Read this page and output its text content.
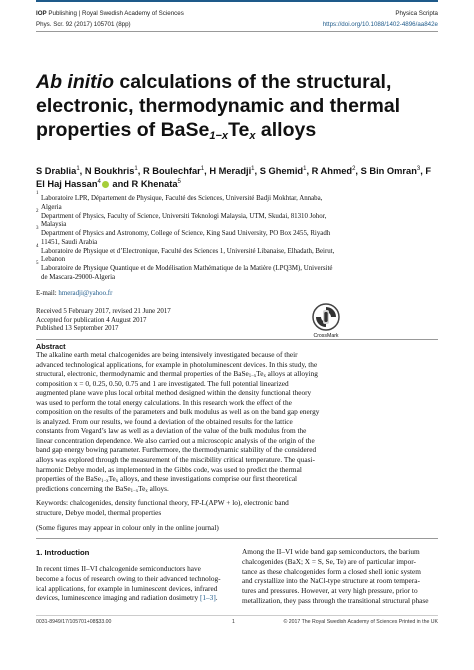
IOP Publishing | Royal Swedish Academy of Sciences	Physica Scripta
Phys. Scr. 92 (2017) 105701 (8pp)	https://doi.org/10.1088/1402-4896/aa842e
Ab initio calculations of the structural,
electronic, thermodynamic and thermal
properties of $BaSe_{1-x}Te_x$ alloys
S Drablia$^1$, N Boukhris$^1$, R Boulechfar$^1$, H Meradji$^1$, S Ghemid$^1$, R Ahmed$^2$, S Bin Omran$^3$, F El Haj Hassan$^4$ and R Khenata$^5$
1
Laboratoire LPR, Département de Physique, Faculté des Sciences, Université Badji Mokhtar, Annaba,
Algeria
2
Department of Physics, Faculty of Science, Universiti Teknologi Malaysia, UTM, Skudai, 81310 Johor,
Malaysia
3
Department of Physics and Astronomy, College of Science, King Saud University, PO Box 2455, Riyadh
11451, Saudi Arabia
4
Laboratoire de Physique et d’Electronique, Faculté des Sciences 1, Université Libanaise, Elhadath, Beirut,
Lebanon
5
Laboratoire de Physique Quantique et de Modélisation Mathématique de la Matière (LPQ3M), Université
de Mascara-29000-Algeria
E-mail: hmeradji@yahoo.fr
Received 5 February 2017, revised 21 June 2017
Accepted for publication 4 August 2017
Published 13 September 2017
CrossMark
Abstract
The alkaline earth metal chalcogenides are being intensively investigated because of their
advanced technological applications, for example in photoluminescent devices. In this study, the
structural, electronic, thermodynamic and thermal properties of the $BaSe_{1-x}Te_x$ alloys at alloying
composition x = 0, 0.25, 0.50, 0.75 and 1 are investigated. The full potential linearized
augmented plane wave plus local orbital method designed within the density functional theory
was used to perform the total energy calculations. In this research work the effect of the
composition on the results of the parameters and bulk modulus as well as on the band gap energy
is analyzed. From our results, we found a deviation of the obtained results for the lattice
constants from Vegard’s law as well as a deviation of the value of the bulk modulus from the
linear concentration dependence. We also carried out a microscopic analysis of the origin of the
band gap energy bowing parameter. Furthermore, the thermodynamic stability of the considered
alloys was explored through the measurement of the miscibility critical temperature. The quasi-
harmonic Debye model, as implemented in the Gibbs code, was used to predict the thermal
properties of the $BaSe_{1-x}Te_x$ alloys, and these investigations comprise our first theoretical
predictions concerning the $BaSe_{1-x}Te_x$ alloys.
Keywords: chalcogenides, density functional theory, FP-L(APW + lo), electronic band
structure, Debye model, thermal properties
(Some figures may appear in colour only in the online journal)
1. Introduction
In recent times II–VI chalcogenide semiconductors have
become a focus of research owing to their advanced technolog-
ical applications, for example in luminescent devices, infrared
devices, luminescence imaging and radiation dosimetry [1–3].
Among the II–VI wide band gap semiconductors, the barium
chalcogenides (BaX; X = S, Se, Te) are of particular impor-
tance as these chalcogenides form a closed shell ionic system
and crystallize into the NaCl-type structure at room tempera-
tures and pressures. However, at very high pressure, prior to
metallization, they pass through the transitional structural phase
0031-8949/17/105701+08$33.00	1	© 2017 The Royal Swedish Academy of Sciences Printed in the UK
